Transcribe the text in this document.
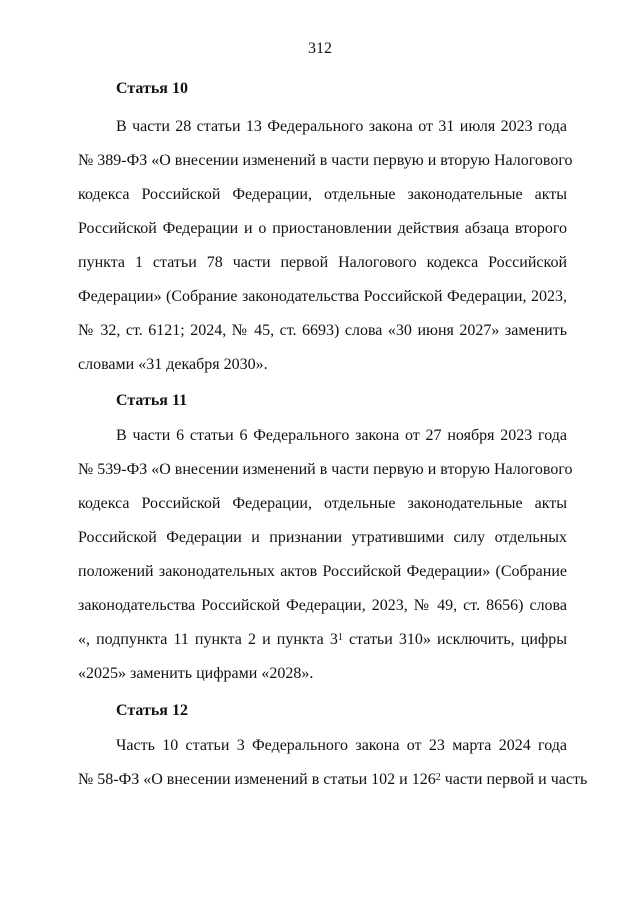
312
Статья 10
В части 28 статьи 13 Федерального закона от 31 июля 2023 года
№ 389-ФЗ «О внесении изменений в части первую и вторую Налогового
кодекса Российской Федерации, отдельные законодательные акты
Российской Федерации и о приостановлении действия абзаца второго
пункта 1 статьи 78 части первой Налогового кодекса Российской
Федерации» (Собрание законодательства Российской Федерации, 2023,
№ 32, ст. 6121; 2024, № 45, ст. 6693) слова «30 июня 2027» заменить
словами «31 декабря 2030».
Статья 11
В части 6 статьи 6 Федерального закона от 27 ноября 2023 года
№ 539-ФЗ «О внесении изменений в части первую и вторую Налогового
кодекса Российской Федерации, отдельные законодательные акты
Российской Федерации и признании утратившими силу отдельных
положений законодательных актов Российской Федерации» (Собрание
законодательства Российской Федерации, 2023, № 49, ст. 8656) слова
«, подпункта 11 пункта 2 и пункта $3^1$ статьи 310» исключить, цифры
«2025» заменить цифрами «2028».
Статья 12
Часть 10 статьи 3 Федерального закона от 23 марта 2024 года
№ 58-ФЗ «О внесении изменений в статьи 102 и $126^2$ части первой и часть
